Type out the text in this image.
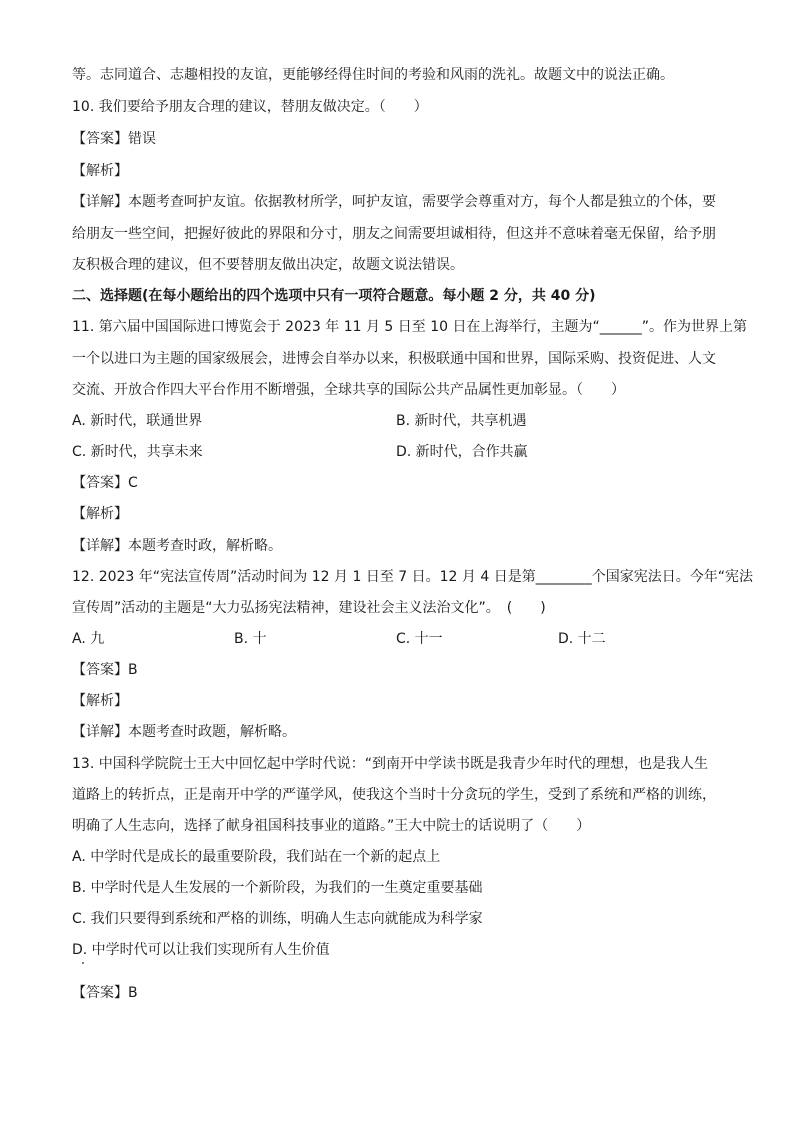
等。志同道合、志趣相投的友谊，更能够经得住时间的考验和风雨的洗礼。故题文中的说法正确。
10. 我们要给予朋友合理的建议，替朋友做决定。（　　）
【答案】错误
【解析】
【详解】本题考查呵护友谊。依据教材所学，呵护友谊，需要学会尊重对方，每个人都是独立的个体，要
给朋友一些空间，把握好彼此的界限和分寸，朋友之间需要坦诚相待，但这并不意味着毫无保留，给予朋
友积极合理的建议，但不要替朋友做出决定，故题文说法错误。
二、选择题(在每小题给出的四个选项中只有一项符合题意。每小题 2 分，共 40 分)
11. 第六届中国国际进口博览会于 2023 年 11 月 5 日至 10 日在上海举行，主题为“______”。作为世界上第
一个以进口为主题的国家级展会，进博会自举办以来，积极联通中国和世界，国际采购、投资促进、人文
交流、开放合作四大平台作用不断增强，全球共享的国际公共产品属性更加彰显。（　　）
A. 新时代，联通世界	B. 新时代，共享机遇
C. 新时代，共享未来	D. 新时代，合作共赢
【答案】C
【解析】
【详解】本题考查时政，解析略。
12. 2023 年“宪法宣传周”活动时间为 12 月 1 日至 7 日。12 月 4 日是第________个国家宪法日。今年“宪法
宣传周”活动的主题是“大力弘扬宪法精神，建设社会主义法治文化”。　(　　)
A. 九	B. 十	C. 十一	D. 十二
【答案】B
【解析】
【详解】本题考查时政题，解析略。
13. 中国科学院院士王大中回忆起中学时代说：“到南开中学读书既是我青少年时代的理想，也是我人生
道路上的转折点，正是南开中学的严谨学风，使我这个当时十分贪玩的学生，受到了系统和严格的训练，
明确了人生志向，选择了献身祖国科技事业的道路。”王大中院士的话说明了（　　）
A. 中学时代是成长的最重要阶段，我们站在一个新的起点上
B. 中学时代是人生发展的一个新阶段，为我们的一生奠定重要基础
C. 我们只要得到系统和严格的训练，明确人生志向就能成为科学家
D. 中学时代可以让我们实现所有人生价值
【答案】B
